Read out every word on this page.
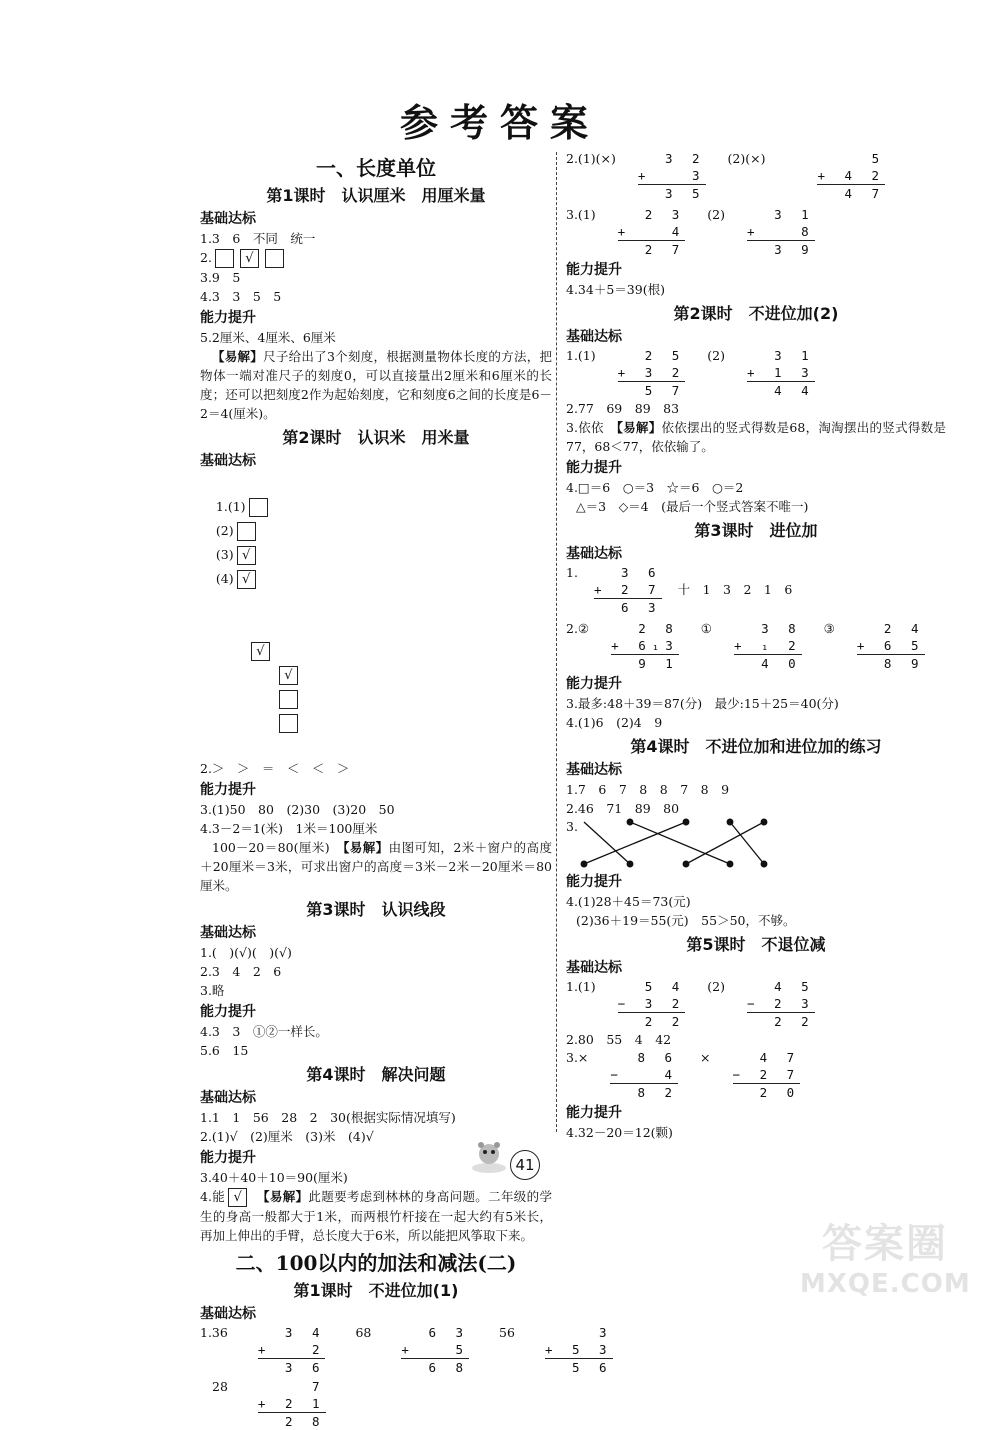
参考答案
一、长度单位
第1课时　认识厘米　用厘米量
基础达标
1.3　6　不同　统一
2.	√
3.9　5
4.3　3　5　5
能力提升
5.2厘米、4厘米、6厘米
【易解】尺子给出了3个刻度，根据测量物体长度的方法，把物体一端对准尺子的刻度0，可以直接量出2厘米和6厘米的长度；还可以把刻度2作为起始刻度，它和刻度6之间的长度是6－2＝4(厘米)。
第2课时　认识米　用米量
基础达标

1.(1)
(2)
(3) √
(4) √

√
√

2.＞　＞　＝　＜　＜　＞
能力提升
3.(1)50　80　(2)30　(3)20　50
4.3－2＝1(米)　1米＝100厘米
100－20＝80(厘米)　 【易解】由图可知，2米＋窗户的高度＋20厘米＝3米，可求出窗户的高度＝3米－2米－20厘米＝80厘米。
第3课时　认识线段
基础达标
1.(　)(√)(　)(√)
2.3　4　2　6
3.略
能力提升
4.3　3　①②一样长。
5.6　15
第4课时　解决问题
基础达标
1.1　1　56　28　2　30(根据实际情况填写)
2.(1)√　(2)厘米　(3)米　(4)√
能力提升
3.40＋40＋10＝90(厘米)
4.能 √　 【易解】此题要考虑到林林的身高问题。二年级的学生的身高一般都大于1米，而两根竹杆接在一起大约有5米长，再加上伸出的手臂，总长度大于6米，所以能把风筝取下来。
二、100以内的加法和减法(二)
第1课时　不进位加(1)
基础达标
1.36	3 4
+   2
3 6
68	6 3
+   5
6 8
56	3
+ 5 3
5 6
28	7
+ 2 1
2 8
2.(1)(×)	3 2
+   3
3 5
(2)(×)	5
+ 4 2
4 7
3.(1)	2 3
+   4
2 7
(2)	3 1
+   8
3 9
能力提升
4.34＋5＝39(根)
第2课时　不进位加(2)
基础达标
1.(1)	2 5
+ 3 2
5 7
(2)	3 1
+ 1 3
4 4
2.77　69　89　83
3.依依　 【易解】依依摆出的竖式得数是68，淘淘摆出的竖式得数是77，68＜77，依依输了。
能力提升
4.□＝6　○＝3　☆＝6　○＝2
△＝3　◇＝4　(最后一个竖式答案不唯一)
第3课时　进位加
基础达标
1.	3 6
+ 2 7
6 3
十　1　3　2　1　6
2.②	2 8
+ 6₁3
9 1
①	3 8
+ ₁ 2
4 0
③	2 4
+ 6 5
8 9
能力提升
3.最多:48＋39＝87(分)　最少:15＋25＝40(分)
4.(1)6　(2)4　9
第4课时　不进位加和进位加的练习
基础达标
1.7　6　7　8　8　7　8　9
2.46　71　89　80
3.
能力提升
4.(1)28＋45＝73(元)
(2)36＋19＝55(元)　55＞50，不够。
第5课时　不退位减
基础达标
1.(1)	5 4
− 3 2
2 2
(2)	4 5
− 2 3
2 2
2.80　55　4　42
3.×	8 6
−   4
8 2
×	4 7
− 2 7
2 0
能力提升
4.32－20＝12(颗)
41
答案圈
MXQE.COM
